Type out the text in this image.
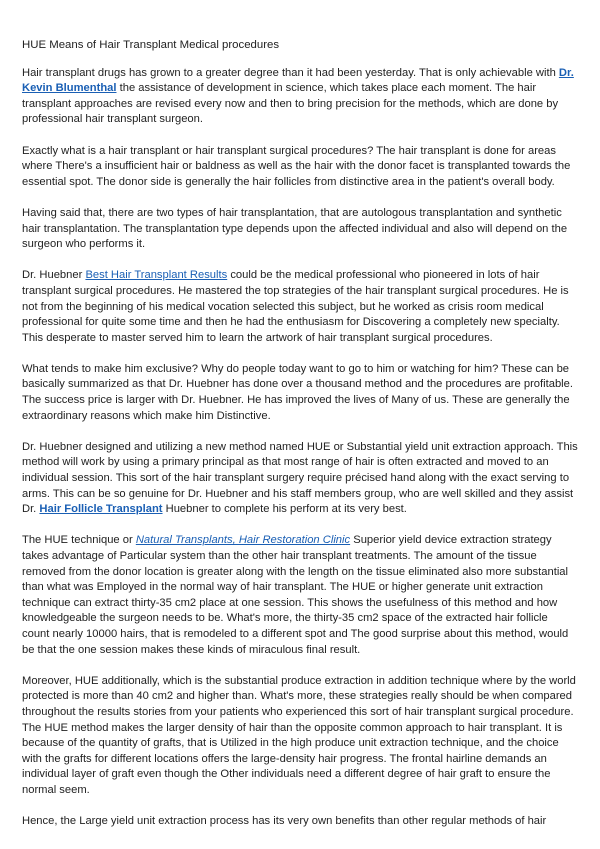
HUE Means of Hair Transplant Medical procedures

Hair transplant drugs has grown to a greater degree than it had been yesterday. That is only achievable with Dr. Kevin Blumenthal the assistance of development in science, which takes place each moment. The hair transplant approaches are revised every now and then to bring precision for the methods, which are done by professional hair transplant surgeon.

Exactly what is a hair transplant or hair transplant surgical procedures? The hair transplant is done for areas where There's a insufficient hair or baldness as well as the hair with the donor facet is transplanted towards the essential spot. The donor side is generally the hair follicles from distinctive area in the patient's overall body.

Having said that, there are two types of hair transplantation, that are autologous transplantation and synthetic hair transplantation. The transplantation type depends upon the affected individual and also will depend on the surgeon who performs it.

Dr. Huebner Best Hair Transplant Results could be the medical professional who pioneered in lots of hair transplant surgical procedures. He mastered the top strategies of the hair transplant surgical procedures. He is not from the beginning of his medical vocation selected this subject, but he worked as crisis room medical professional for quite some time and then he had the enthusiasm for Discovering a completely new specialty. This desperate to master served him to learn the artwork of hair transplant surgical procedures.

What tends to make him exclusive? Why do people today want to go to him or watching for him? These can be basically summarized as that Dr. Huebner has done over a thousand method and the procedures are profitable. The success price is larger with Dr. Huebner. He has improved the lives of Many of us. These are generally the extraordinary reasons which make him Distinctive.

Dr. Huebner designed and utilizing a new method named HUE or Substantial yield unit extraction approach. This method will work by using a primary principal as that most range of hair is often extracted and moved to an individual session. This sort of the hair transplant surgery require précised hand along with the exact serving to arms. This can be so genuine for Dr. Huebner and his staff members group, who are well skilled and they assist Dr. Hair Follicle Transplant Huebner to complete his perform at its very best.

The HUE technique or Natural Transplants, Hair Restoration Clinic Superior yield device extraction strategy takes advantage of Particular system than the other hair transplant treatments. The amount of the tissue removed from the donor location is greater along with the length on the tissue eliminated also more substantial than what was Employed in the normal way of hair transplant. The HUE or higher generate unit extraction technique can extract thirty-35 cm2 place at one session. This shows the usefulness of this method and how knowledgeable the surgeon needs to be. What's more, the thirty-35 cm2 space of the extracted hair follicle count nearly 10000 hairs, that is remodeled to a different spot and The good surprise about this method, would be that the one session makes these kinds of miraculous final result.

Moreover, HUE additionally, which is the substantial produce extraction in addition technique where by the world protected is more than 40 cm2 and higher than. What's more, these strategies really should be when compared throughout the results stories from your patients who experienced this sort of hair transplant surgical procedure. The HUE method makes the larger density of hair than the opposite common approach to hair transplant. It is because of the quantity of grafts, that is Utilized in the high produce unit extraction technique, and the choice with the grafts for different locations offers the large-density hair progress. The frontal hairline demands an individual layer of graft even though the Other individuals need a different degree of hair graft to ensure the normal seem.

Hence, the Large yield unit extraction process has its very own benefits than other regular methods of hair
